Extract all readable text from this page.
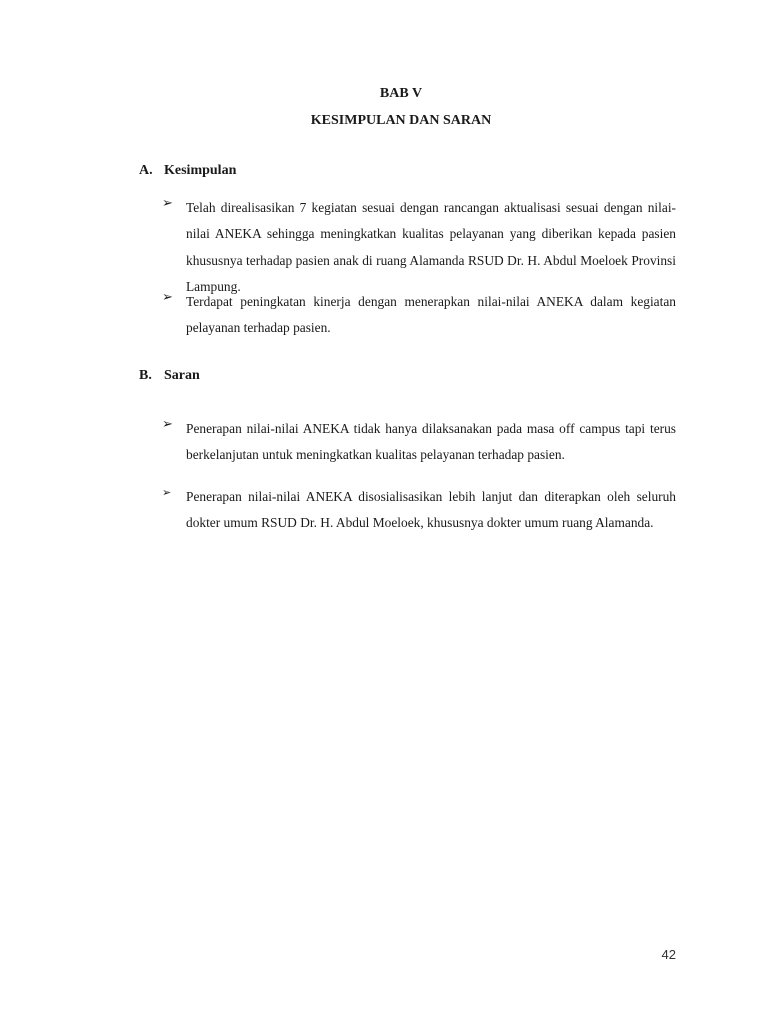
BAB V
KESIMPULAN DAN SARAN
A. Kesimpulan
➢ Telah direalisasikan 7 kegiatan sesuai dengan rancangan aktualisasi sesuai dengan nilai-nilai ANEKA sehingga meningkatkan kualitas pelayanan yang diberikan kepada pasien khususnya terhadap pasien anak di ruang Alamanda RSUD Dr. H. Abdul Moeloek Provinsi Lampung.
➢ Terdapat peningkatan kinerja dengan menerapkan nilai-nilai ANEKA dalam kegiatan pelayanan terhadap pasien.
B. Saran
➢ Penerapan nilai-nilai ANEKA tidak hanya dilaksanakan pada masa off campus tapi terus berkelanjutan untuk meningkatkan kualitas pelayanan terhadap pasien.
➢	Penerapan nilai-nilai ANEKA disosialisasikan lebih lanjut dan diterapkan oleh seluruh dokter umum RSUD Dr. H. Abdul Moeloek, khususnya dokter umum ruang Alamanda.
42
